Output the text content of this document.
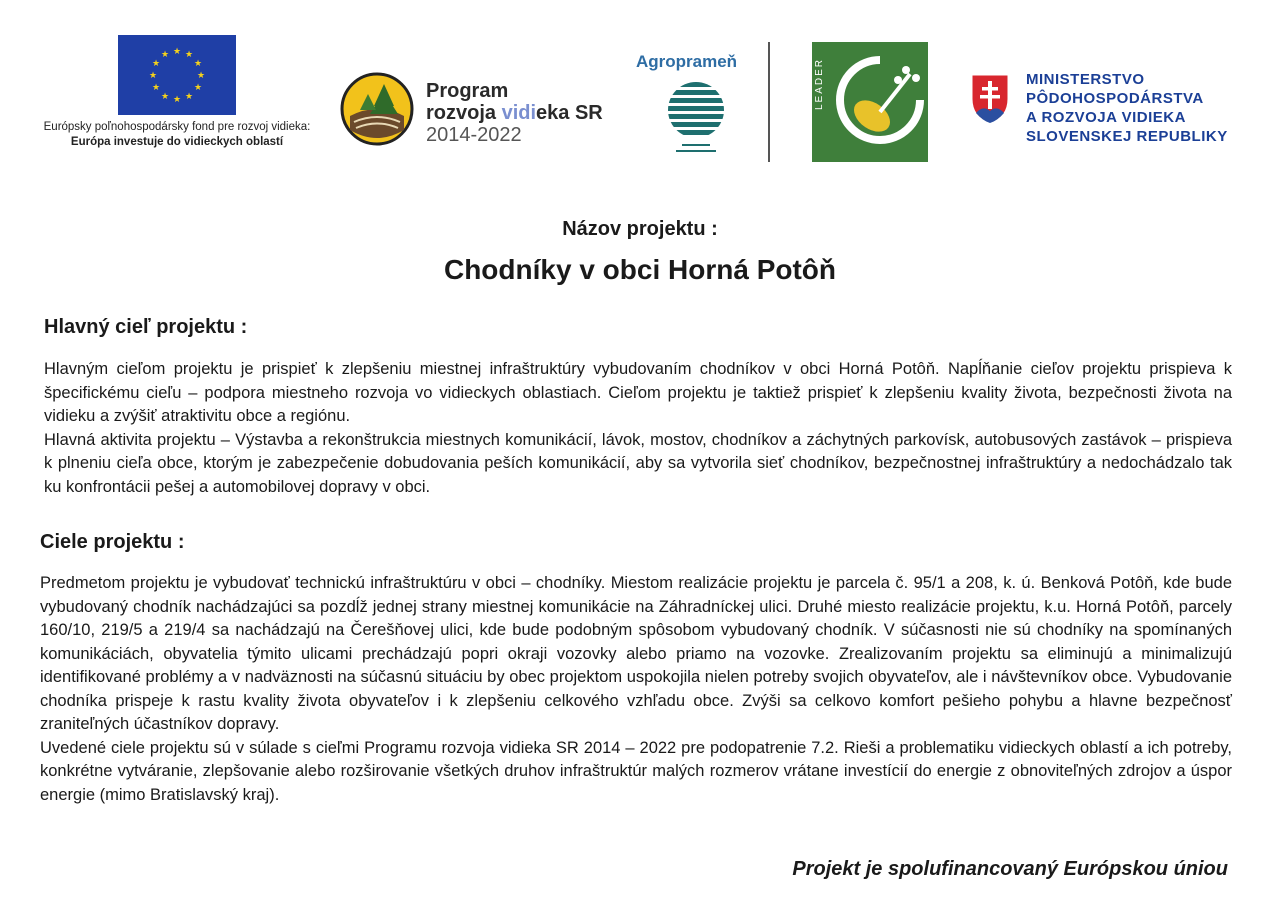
★ ★
★
★
★
★
★
★
★
★
★
★
Európsky poľnohospodársky fond pre rozvoj vidieka:
Európa investuje do vidieckych oblastí
Program
rozvoja vidieka SR
2014-2022
Agroprameň	LEADER	MINISTERSTVO
PÔDOHOSPODÁRSTVA
A ROZVOJA VIDIEKA
SLOVENSKEJ REPUBLIKY
Názov projektu :
Chodníky v obci Horná Potôň
Hlavný cieľ projektu :

Hlavným cieľom projektu je prispieť k zlepšeniu miestnej infraštruktúry vybudovaním chodníkov v obci Horná Potôň. Napĺňanie cieľov projektu prispieva k špecifickému cieľu – podpora miestneho rozvoja vo vidieckych oblastiach. Cieľom projektu je taktiež prispieť k zlepšeniu kvality života, bezpečnosti života na vidieku a zvýšiť atraktivitu obce a regiónu.

Hlavná aktivita projektu – Výstavba a rekonštrukcia miestnych komunikácií, lávok, mostov, chodníkov a záchytných parkovísk, autobusových zastávok – prispieva k plneniu cieľa obce, ktorým je zabezpečenie dobudovania peších komunikácií, aby sa vytvorila sieť chodníkov, bezpečnostnej infraštruktúry a nedochádzalo tak ku konfrontácii pešej a automobilovej dopravy v obci.

Ciele projektu :

Predmetom projektu je vybudovať technickú infraštruktúru v obci – chodníky. Miestom realizácie projektu je parcela č. 95/1 a 208, k. ú. Benková Potôň, kde bude vybudovaný chodník nachádzajúci sa pozdĺž jednej strany miestnej komunikácie na Záhradníckej ulici. Druhé miesto realizácie projektu, k.u. Horná Potôň, parcely 160/10, 219/5 a 219/4 sa nachádzajú na Čerešňovej ulici, kde bude podobným spôsobom vybudovaný chodník. V súčasnosti nie sú chodníky na spomínaných komunikáciách, obyvatelia týmito ulicami prechádzajú popri okraji vozovky alebo priamo na vozovke. Zrealizovaním projektu sa eliminujú a minimalizujú identifikované problémy a v nadväznosti na súčasnú situáciu by obec projektom uspokojila nielen potreby svojich obyvateľov, ale i návštevníkov obce. Vybudovanie chodníka prispeje k rastu kvality života obyvateľov i k zlepšeniu celkového vzhľadu obce. Zvýši sa celkovo komfort pešieho pohybu a hlavne bezpečnosť zraniteľných účastníkov dopravy.

Uvedené ciele projektu sú v súlade s cieľmi Programu rozvoja vidieka SR 2014 – 2022 pre podopatrenie 7.2. Rieši a problematiku vidieckych oblastí a ich potreby, konkrétne vytváranie, zlepšovanie alebo rozširovanie všetkých druhov infraštruktúr malých rozmerov vrátane investícií do energie z obnoviteľných zdrojov a úspor energie (mimo Bratislavský kraj).

Projekt je spolufinancovaný Európskou úniou
